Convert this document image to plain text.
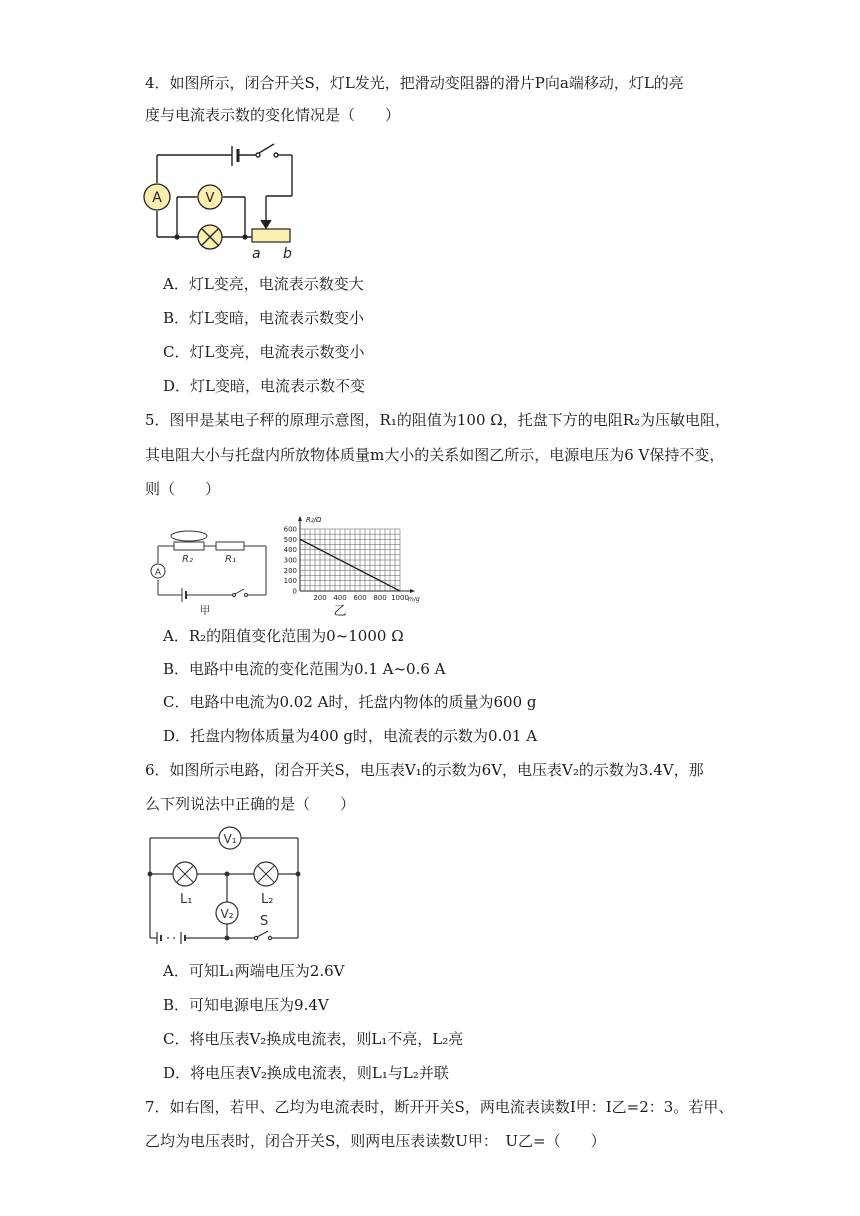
4．如图所示，闭合开关S，灯L发光，把滑动变阻器的滑片P向a端移动，灯L的亮
度与电流表示数的变化情况是（　　）
A	V
a b
A．灯L变亮，电流表示数变大
B．灯L变暗，电流表示数变小
C．灯L变亮，电流表示数变小
D．灯L变暗，电流表示数不变
5．图甲是某电子秤的原理示意图，R₁的阻值为100 Ω，托盘下方的电阻R₂为压敏电阻，
其电阻大小与托盘内所放物体质量m大小的关系如图乙所示，电源电压为6 V保持不变，
则（　　）
R₂	R₁
A
甲
0
100
200
300
400
500
600
200 400 600 800 1000
R₂/Ω
m/g
乙
A．R₂的阻值变化范围为0~1000 Ω
B．电路中电流的变化范围为0.1 A~0.6 A
C．电路中电流为0.02 A时，托盘内物体的质量为600 g
D．托盘内物体质量为400 g时，电流表的示数为0.01 A
6．如图所示电路，闭合开关S，电压表V₁的示数为6V，电压表V₂的示数为3.4V，那
么下列说法中正确的是（　　）
V₁
V₂
L₁	L₂
S
A．可知L₁两端电压为2.6V
B．可知电源电压为9.4V
C．将电压表V₂换成电流表，则L₁不亮，L₂亮
D．将电压表V₂换成电流表，则L₁与L₂并联
7．如右图，若甲、乙均为电流表时，断开开关S，两电流表读数I甲：I乙=2：3。若甲、
乙均为电压表时，闭合开关S，则两电压表读数U甲：　U乙=（　　）
